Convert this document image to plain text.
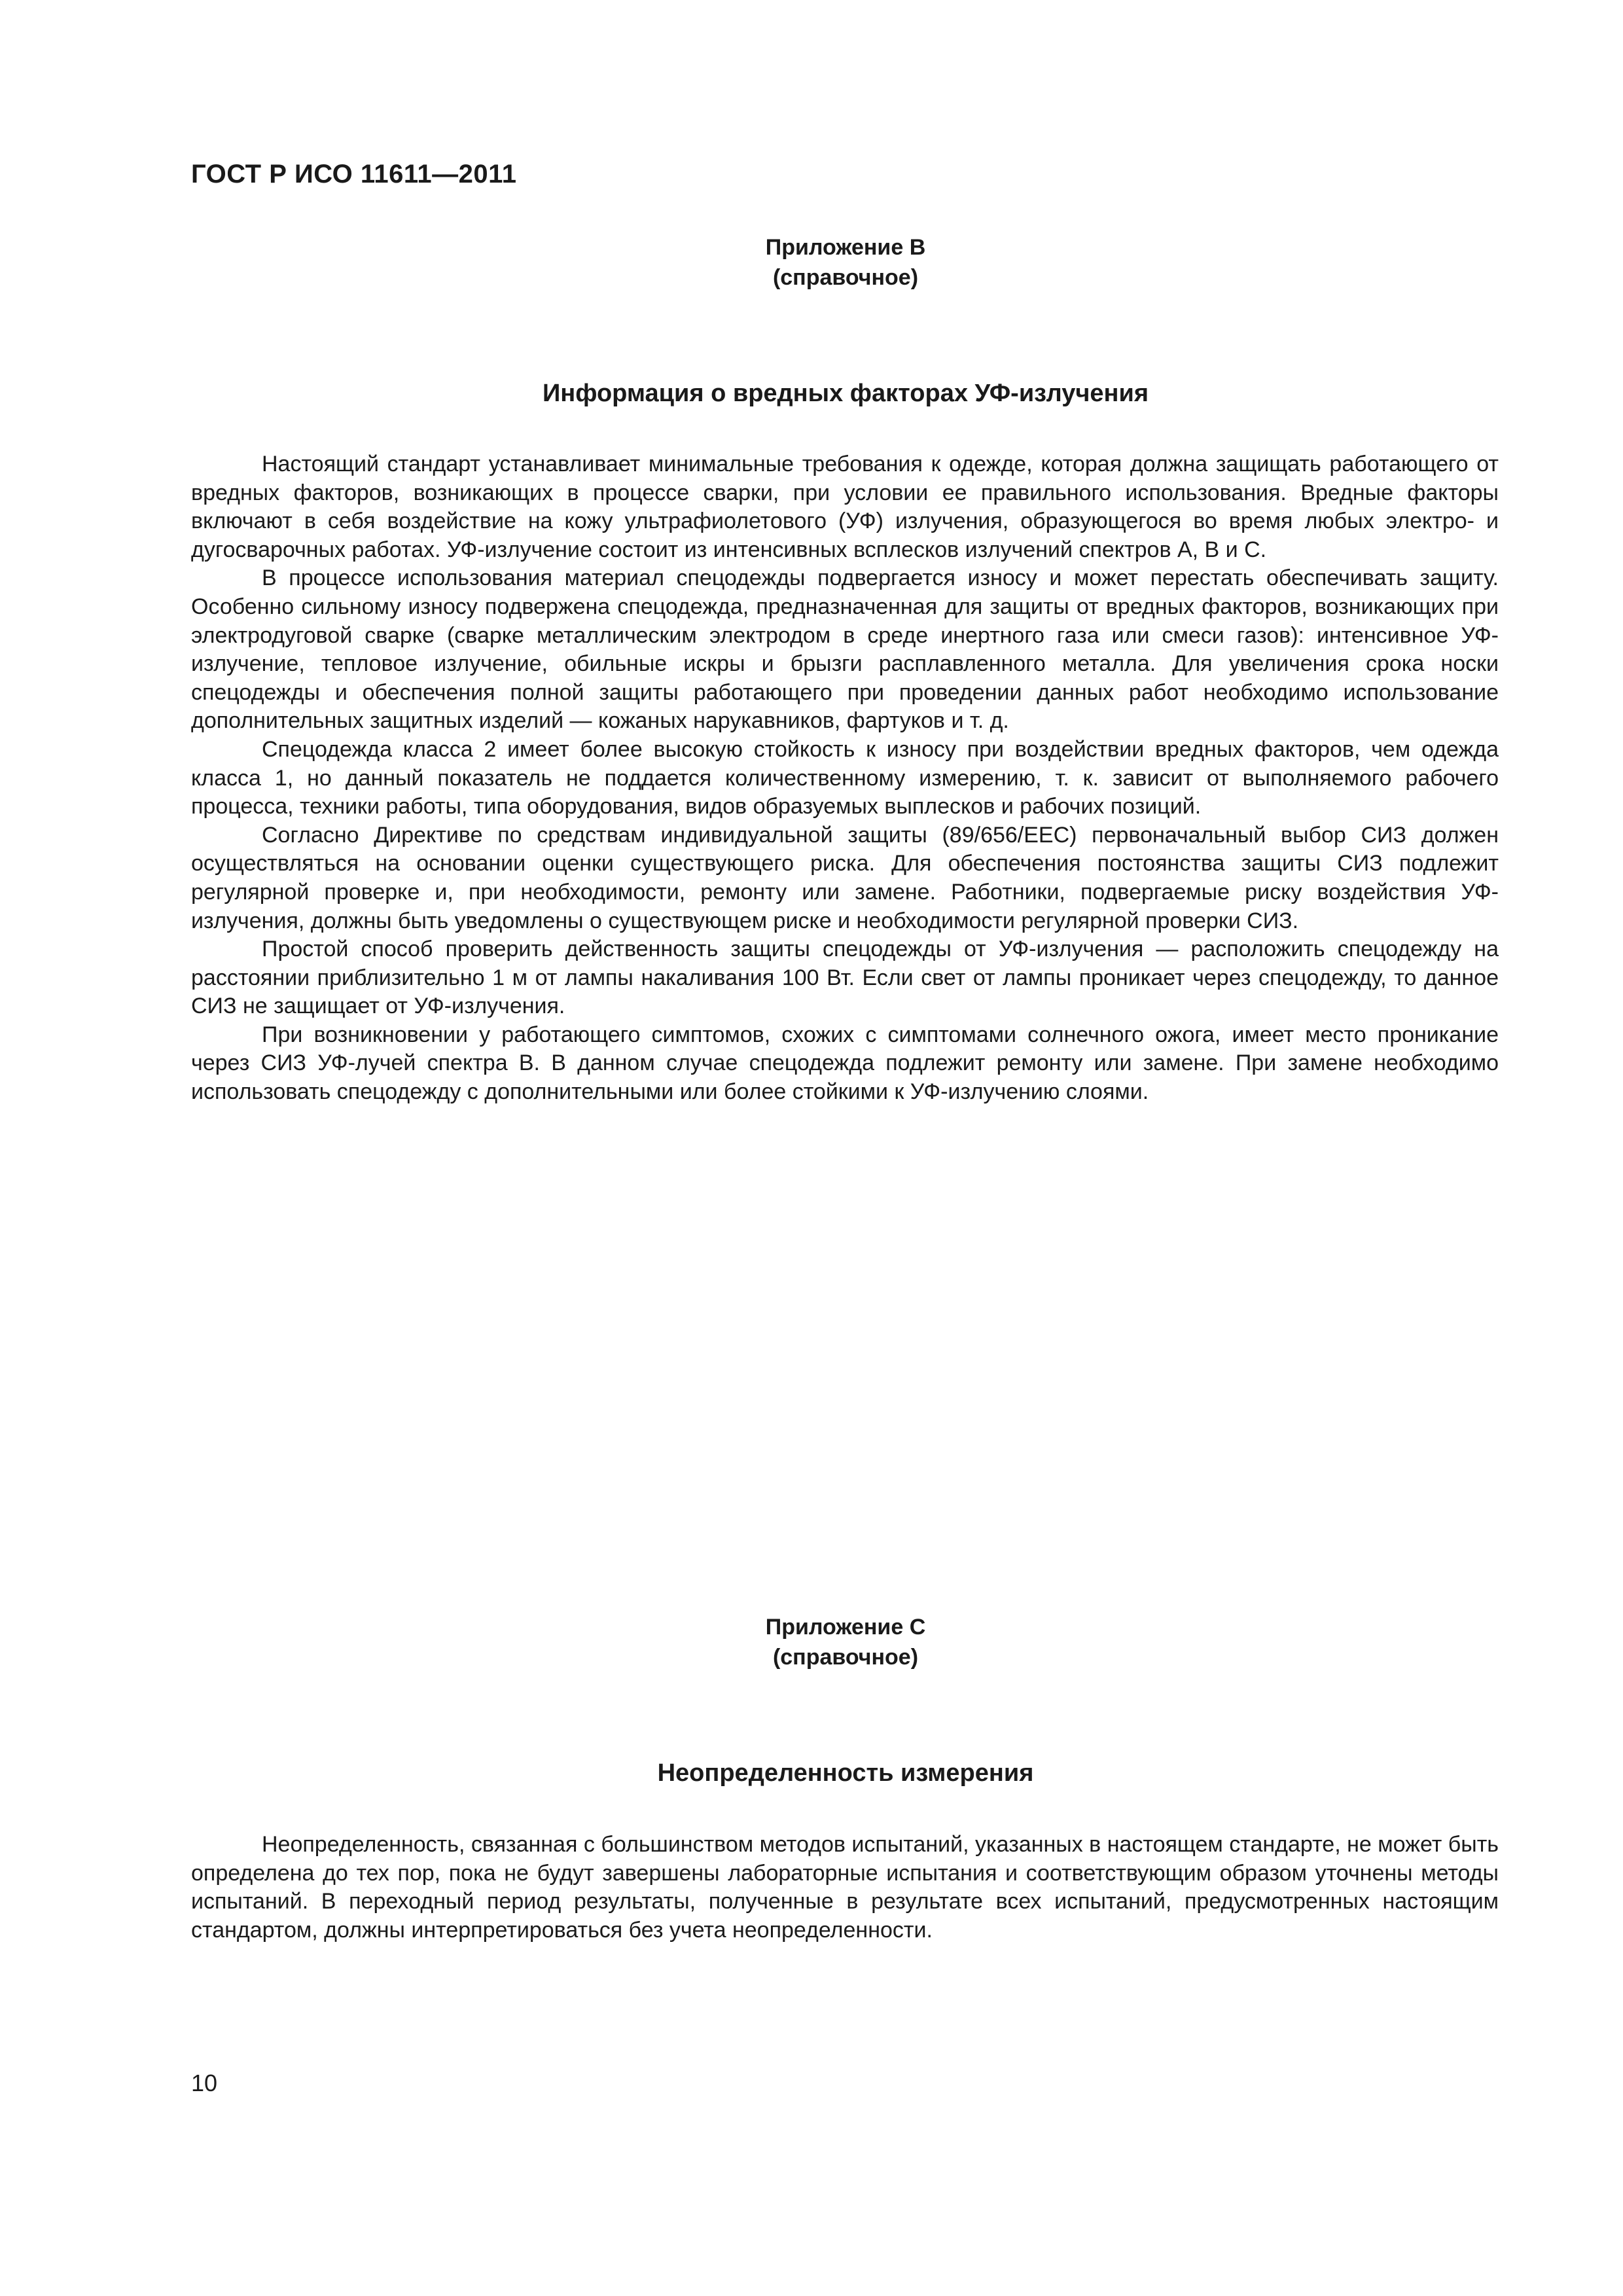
ГОСТ Р ИСО 11611—2011
Приложение В
(справочное)
Информация о вредных факторах УФ-излучения

Настоящий стандарт устанавливает минимальные требования к одежде, которая должна защищать работающего от вредных факторов, возникающих в процессе сварки, при условии ее правильного использования. Вредные факторы включают в себя воздействие на кожу ультрафиолетового (УФ) излучения, образующегося во время любых электро- и дугосварочных работах. УФ-излучение состоит из интенсивных всплесков излучений спектров А, В и С.

В процессе использования материал спецодежды подвергается износу и может перестать обеспечивать защиту. Особенно сильному износу подвержена спецодежда, предназначенная для защиты от вредных факторов, возникающих при электродуговой сварке (сварке металлическим электродом в среде инертного газа или смеси газов): интенсивное УФ-излучение, тепловое излучение, обильные искры и брызги расплавленного металла. Для увеличения срока носки спецодежды и обеспечения полной защиты работающего при проведении данных работ необходимо использование дополнительных защитных изделий — кожаных нарукавников, фартуков и т. д.

Спецодежда класса 2 имеет более высокую стойкость к износу при воздействии вредных факторов, чем одежда класса 1, но данный показатель не поддается количественному измерению, т. к. зависит от выполняемого рабочего процесса, техники работы, типа оборудования, видов образуемых выплесков и рабочих позиций.

Согласно Директиве по средствам индивидуальной защиты (89/656/EEC) первоначальный выбор СИЗ должен осуществляться на основании оценки существующего риска. Для обеспечения постоянства защиты СИЗ подлежит регулярной проверке и, при необходимости, ремонту или замене. Работники, подвергаемые риску воздействия УФ-излучения, должны быть уведомлены о существующем риске и необходимости регулярной проверки СИЗ.

Простой способ проверить действенность защиты спецодежды от УФ-излучения — расположить спецодежду на расстоянии приблизительно 1 м от лампы накаливания 100 Вт. Если свет от лампы проникает через спецодежду, то данное СИЗ не защищает от УФ-излучения.

При возникновении у работающего симптомов, схожих с симптомами солнечного ожога, имеет место проникание через СИЗ УФ-лучей спектра В. В данном случае спецодежда подлежит ремонту или замене. При замене необходимо использовать спецодежду с дополнительными или более стойкими к УФ-излучению слоями.

Приложение С
(справочное)
Неопределенность измерения

Неопределенность, связанная с большинством методов испытаний, указанных в настоящем стандарте, не может быть определена до тех пор, пока не будут завершены лабораторные испытания и соответствующим образом уточнены методы испытаний. В переходный период результаты, полученные в результате всех испытаний, предусмотренных настоящим стандартом, должны интерпретироваться без учета неопределенности.

10
